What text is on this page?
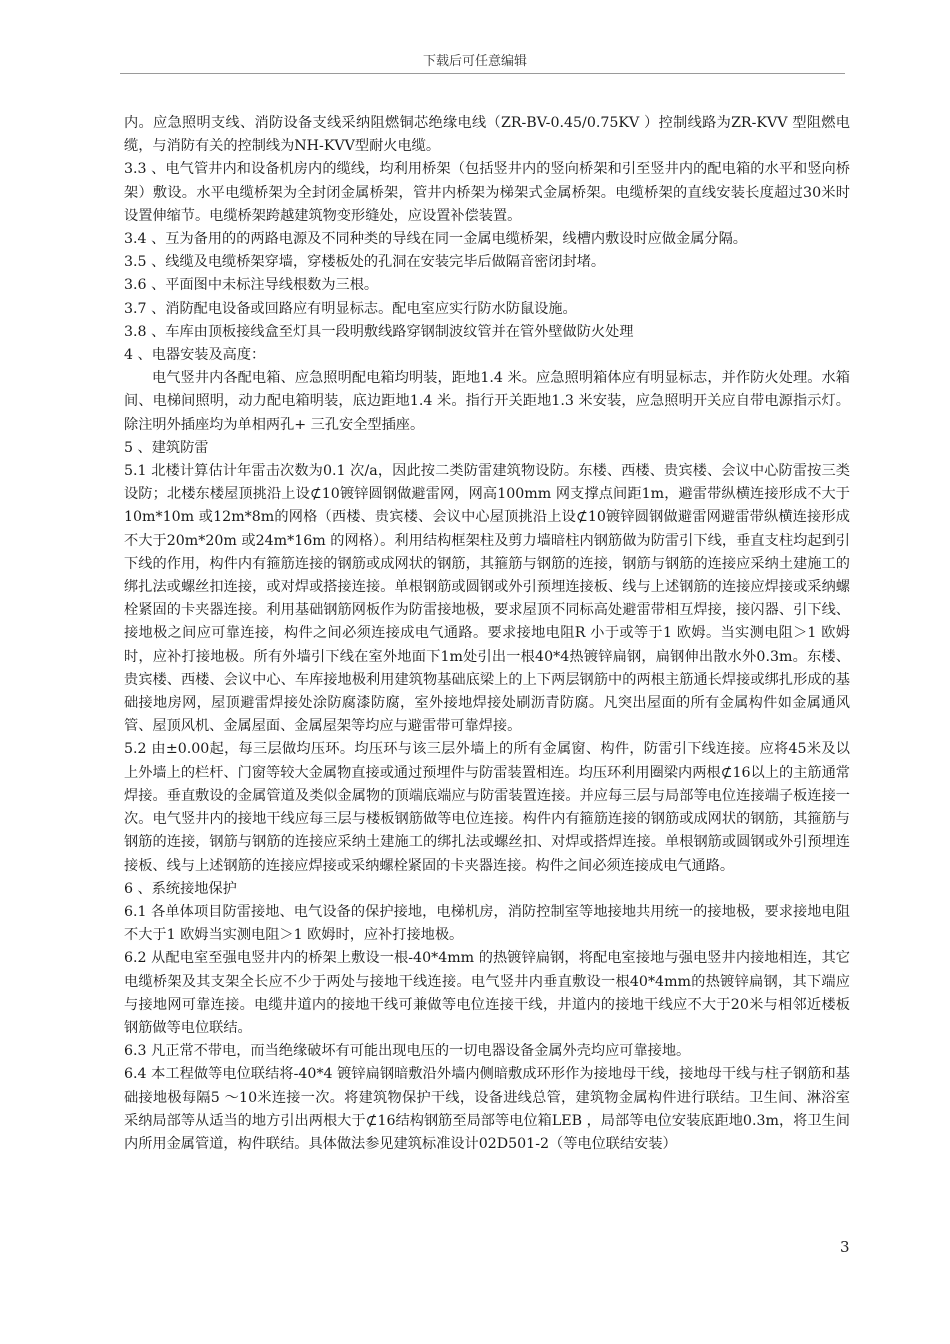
下载后可任意编辑

内。应急照明支线、消防设备支线采纳阻燃铜芯绝缘电线（ZR-BV-0.45/0.75KV ）控制线路为ZR-KVV 型阻燃电缆，与消防有关的控制线为NH-KVV型耐火电缆。

3.3 、电气管井内和设备机房内的缆线，均利用桥架（包括竖井内的竖向桥架和引至竖井内的配电箱的水平和竖向桥架）敷设。水平电缆桥架为全封闭金属桥架，管井内桥架为梯架式金属桥架。电缆桥架的直线安装长度超过30米时设置伸缩节。电缆桥架跨越建筑物变形缝处，应设置补偿装置。

3.4 、互为备用的的两路电源及不同种类的导线在同一金属电缆桥架，线槽内敷设时应做金属分隔。

3.5 、线缆及电缆桥架穿墙，穿楼板处的孔洞在安装完毕后做隔音密闭封堵。

3.6 、平面图中未标注导线根数为三根。

3.7 、消防配电设备或回路应有明显标志。配电室应实行防水防鼠设施。

3.8 、车库由顶板接线盒至灯具一段明敷线路穿钢制波纹管并在管外壁做防火处理

4 、电器安装及高度：

电气竖井内各配电箱、应急照明配电箱均明装，距地1.4 米。应急照明箱体应有明显标志，并作防火处理。水箱间、电梯间照明，动力配电箱明装，底边距地1.4 米。指行开关距地1.3 米安装，应急照明开关应自带电源指示灯。除注明外插座均为单相两孔+ 三孔安全型插座。

5 、建筑防雷

5.1 北楼计算估计年雷击次数为0.1 次/a，因此按二类防雷建筑物设防。东楼、西楼、贵宾楼、会议中心防雷按三类设防；北楼东楼屋顶挑沿上设⊄10镀锌圆钢做避雷网，网高100mm 网支撑点间距1m，避雷带纵横连接形成不大于10m*10m 或12m*8m的网格（西楼、贵宾楼、会议中心屋顶挑沿上设⊄10镀锌圆钢做避雷网避雷带纵横连接形成不大于20m*20m 或24m*16m 的网格）。利用结构框架柱及剪力墙暗柱内钢筋做为防雷引下线，垂直支柱均起到引下线的作用，构件内有箍筋连接的钢筋或成网状的钢筋，其箍筋与钢筋的连接，钢筋与钢筋的连接应采纳土建施工的绑扎法或螺丝扣连接，或对焊或搭接连接。单根钢筋或圆钢或外引预埋连接板、线与上述钢筋的连接应焊接或采纳螺栓紧固的卡夹器连接。利用基础钢筋网板作为防雷接地极，要求屋顶不同标高处避雷带相互焊接，接闪器、引下线、接地极之间应可靠连接，构件之间必须连接成电气通路。要求接地电阻R 小于或等于1 欧姆。当实测电阻＞1 欧姆时，应补打接地极。所有外墙引下线在室外地面下1m处引出一根40*4热镀锌扁钢，扁钢伸出散水外0.3m。东楼、贵宾楼、西楼、会议中心、车库接地极利用建筑物基础底梁上的上下两层钢筋中的两根主筋通长焊接或绑扎形成的基础接地房网，屋顶避雷焊接处涂防腐漆防腐，室外接地焊接处刷沥青防腐。凡突出屋面的所有金属构件如金属通风管、屋顶风机、金属屋面、金属屋架等均应与避雷带可靠焊接。

5.2 由±0.00起，每三层做均压环。均压环与该三层外墙上的所有金属窗、构件，防雷引下线连接。应将45米及以上外墙上的栏杆、门窗等较大金属物直接或通过预埋件与防雷装置相连。均压环利用圈梁内两根⊄16以上的主筋通常焊接。垂直敷设的金属管道及类似金属物的顶端底端应与防雷装置连接。并应每三层与局部等电位连接端子板连接一次。电气竖井内的接地干线应每三层与楼板钢筋做等电位连接。构件内有箍筋连接的钢筋或成网状的钢筋，其箍筋与钢筋的连接，钢筋与钢筋的连接应采纳土建施工的绑扎法或螺丝扣、对焊或搭焊连接。单根钢筋或圆钢或外引预埋连接板、线与上述钢筋的连接应焊接或采纳螺栓紧固的卡夹器连接。构件之间必须连接成电气通路。

6 、系统接地保护

6.1 各单体项目防雷接地、电气设备的保护接地，电梯机房，消防控制室等地接地共用统一的接地极，要求接地电阻不大于1 欧姆当实测电阻＞1 欧姆时，应补打接地极。

6.2 从配电室至强电竖井内的桥架上敷设一根-40*4mm 的热镀锌扁钢，将配电室接地与强电竖井内接地相连，其它电缆桥架及其支架全长应不少于两处与接地干线连接。电气竖井内垂直敷设一根40*4mm的热镀锌扁钢，其下端应与接地网可靠连接。电缆井道内的接地干线可兼做等电位连接干线，井道内的接地干线应不大于20米与相邻近楼板钢筋做等电位联结。

6.3 凡正常不带电，而当绝缘破坏有可能出现电压的一切电器设备金属外壳均应可靠接地。

6.4 本工程做等电位联结将-40*4 镀锌扁钢暗敷沿外墙内侧暗敷成环形作为接地母干线，接地母干线与柱子钢筋和基础接地极每隔5 ～10米连接一次。将建筑物保护干线，设备进线总管，建筑物金属构件进行联结。卫生间、淋浴室采纳局部等从适当的地方引出两根大于⊄16结构钢筋至局部等电位箱LEB ，局部等电位安装底距地0.3m，将卫生间内所用金属管道，构件联结。具体做法参见建筑标准设计02D501-2（等电位联结安装）

3
